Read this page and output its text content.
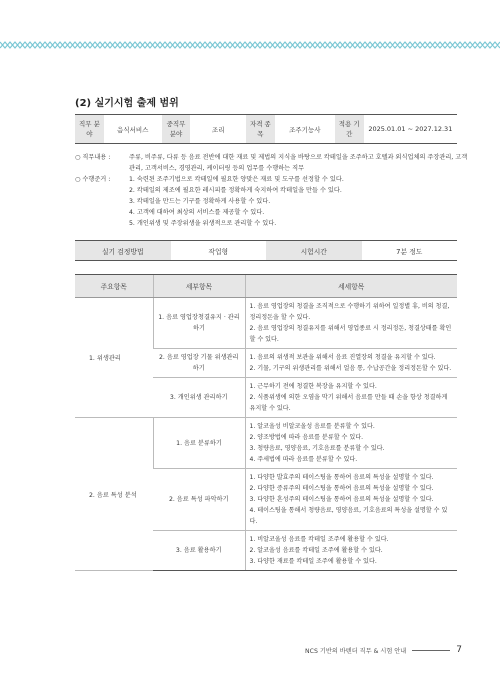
(2) 실기시험 출제 범위
직무 분야	음식서비스	중직무 분야	조리	자격 종목	조주기능사	적용 기간	2025.01.01 ~ 2027.12.31
○ 직무내용 :	주류, 비주류, 다류 등 음료 전반에 대한 재료 및 제법의 지식을 바탕으로 칵테일을 조주하고 호텔과 외식업체의 주장관리, 고객관리, 고객서비스, 경영관리, 케이터링 등의 업무를 수행하는 직무
○ 수행준거 :	1. 숙련된 조주기법으로 칵테일에 필요한 양맞은 재료 및 도구를 선정할 수 있다.
2. 칵테일의 제조에 필요한 레시피를 정확하게 숙지하여 칵테일을 만들 수 있다.
3. 칵테일을 만드는 기구를 정확하게 사용할 수 있다.
4. 고객에 대하여 최상의 서비스를 제공할 수 있다.
5. 개인위생 및 주장위생을 위생적으로 관리할 수 있다.
실기 검정방법	작업형	시험시간	7분 정도
주요항목	세부항목	세세항목
1. 위생관리	1. 음료 영업장청결유지 · 관리하기	1. 음료 영업장의 청결을 조직적으로 수행하기 위하여 일정별 휴, 비의 청결, 정리정돈을 할 수 있다.
2. 음료 영업장의 청결유지를 위해서 영업종료 시 정리정돈, 청결상태를 확인할 수 있다.

	2. 음료 영업장 기물 위생관리하기	1. 음료의 위생적 보관을 위해서 음료 진열장의 청결을 유지할 수 있다.
2. 기물, 기구의 위생관리를 위해서 얼음 통, 수납공간을 정리정돈할 수 있다.

	3. 개인위생 관리하기	1. 근무하기 전에 청결한 복장을 유지할 수 있다.
2. 식품위생에 의한 오염을 막기 위해서 음료를 만들 때 손을 항상 청결하게 유지할 수 있다.

2. 음료 특성 분석	1. 음료 분류하기	1. 알코올성 비알코올성 음료를 분류할 수 있다.
2. 양조방법에 따라 음료를 분류할 수 있다.
3. 청량음료, 영양음료, 기호음료를 분류할 수 있다.
4. 주세법에 따라 음료를 분류할 수 있다.

	2. 음료 특성 파악하기	1. 다양한 발효주의 테이스팅을 통하여 음료의 특성을 설명할 수 있다.
2. 다양한 증류주의 테이스팅을 통하여 음료의 특성을 설명할 수 있다.
3. 다양한 혼성주의 테이스팅을 통하여 음료의 특성을 설명할 수 있다.
4. 테이스팅을 통해서 청량음료, 영양음료, 기호음료의 특성을 설명할 수 있다.

	3. 음료 활용하기	1. 비알코올성 음료를 칵테일 조주에 활용할 수 있다.
2. 알코올성 음료를 칵테일 조주에 활용할 수 있다.
3. 다양한 재료를 칵테일 조주에 활용할 수 있다.
NCS 기반의 바텐더 직무 & 시험 안내	7
